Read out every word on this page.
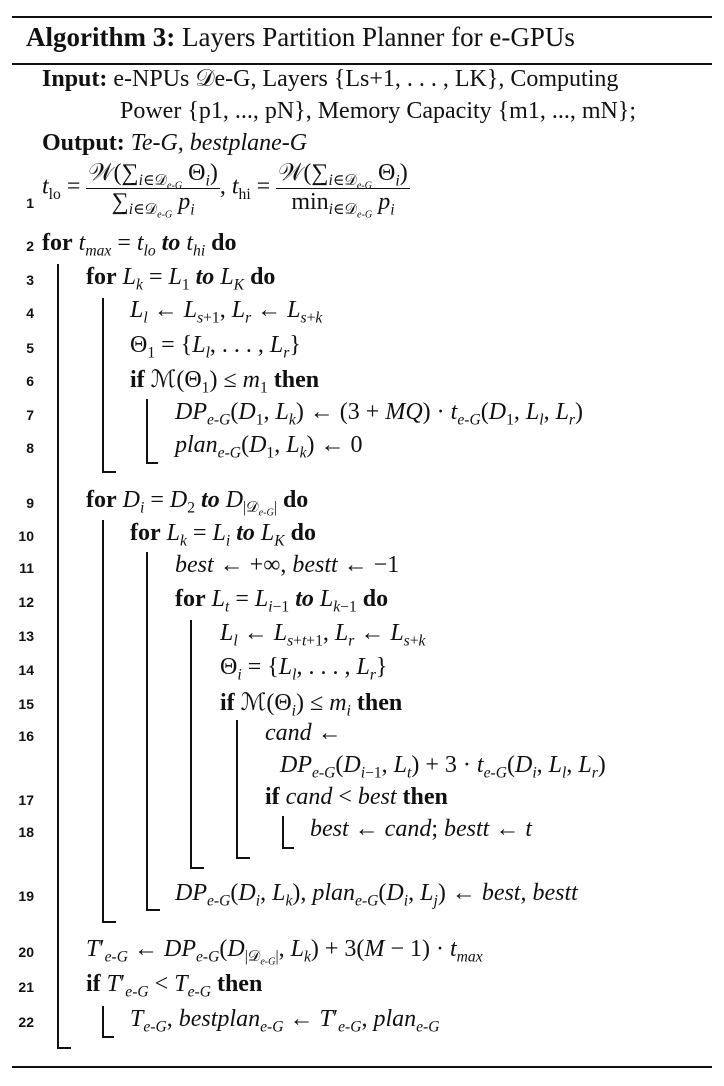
Algorithm 3: Layers Partition Planner for e-GPUs
Input: e-NPUs 𝒟e-G, Layers {Ls+1, . . . , LK}, Computing
Power {p1, ..., pN}, Memory Capacity {m1, ..., mN};
Output: Te-G, bestplane-G
1
2
3
4
5
6
7
8
9
10
11
12
13
14
15
16
17
18
19
20
21
22
$t_{lo} = \frac{𝒲(\sum_{i\in 𝒟_{e-G}} \Theta_i)}{\sum_{i\in 𝒟_{e-G}} p_i}$ , $t_{hi} = \frac{𝒲(\sum_{i\in 𝒟_{e-G}} \Theta_i)}{\min_{i\in 𝒟_{e-G}} p_i}$
for $t_{max} = t_{lo}$ to $t_{hi}$ do
for $L_k = L_1$ to $L_K$ do
$L_l$ ← $L_{s+1}$, $L_r$ ← $L_{s+k}$
$\Theta_1 = \{L_l$, . . . , $L_r$}
if $ℳ(\Theta_1) \le m_1$ then
$DP_{e-G}(D_1$, $L_k$) ← $(3 + MQ) \cdot t_{e-G}(D_1$, $L_l$, $L_r$)
$plan_{e-G}(D_1$, $L_k$) ← 0
for $D_i = D_2$ to $D_{|𝒟_{e-G}|}$ do
for $L_k = L_i$ to $L_K$ do
best ← +∞, bestt ← −1
for $L_t = L_{i-1}$ to $L_{k-1}$ do
$L_l$ ← $L_{s+t+1}$, $L_r$ ← $L_{s+k}$
$\Theta_i = \{L_l$, . . . , $L_r$}
if $ℳ(\Theta_i) \le m_i$ then
cand ←
$DP_{e-G}(D_{i-1}$, $L_t) + 3 \cdot t_{e-G}(D_i$, $L_l$, $L_r$)
if cand < best then
best ← cand; bestt ← t
$DP_{e-G}(D_i$, $L_k$), $plan_{e-G}(D_i$, $L_j$) ← best, bestt
$T'_{e-G}$ ← $DP_{e-G}(D_{|𝒟_{e-G}|}$, $L_k) + 3(M - 1) \cdot t_{max}$
if $T'_{e-G} < T_{e-G}$ then
$T_{e-G}$, bestplan$_{e-G}$ ← $T'_{e-G}$, plan$_{e-G}$
